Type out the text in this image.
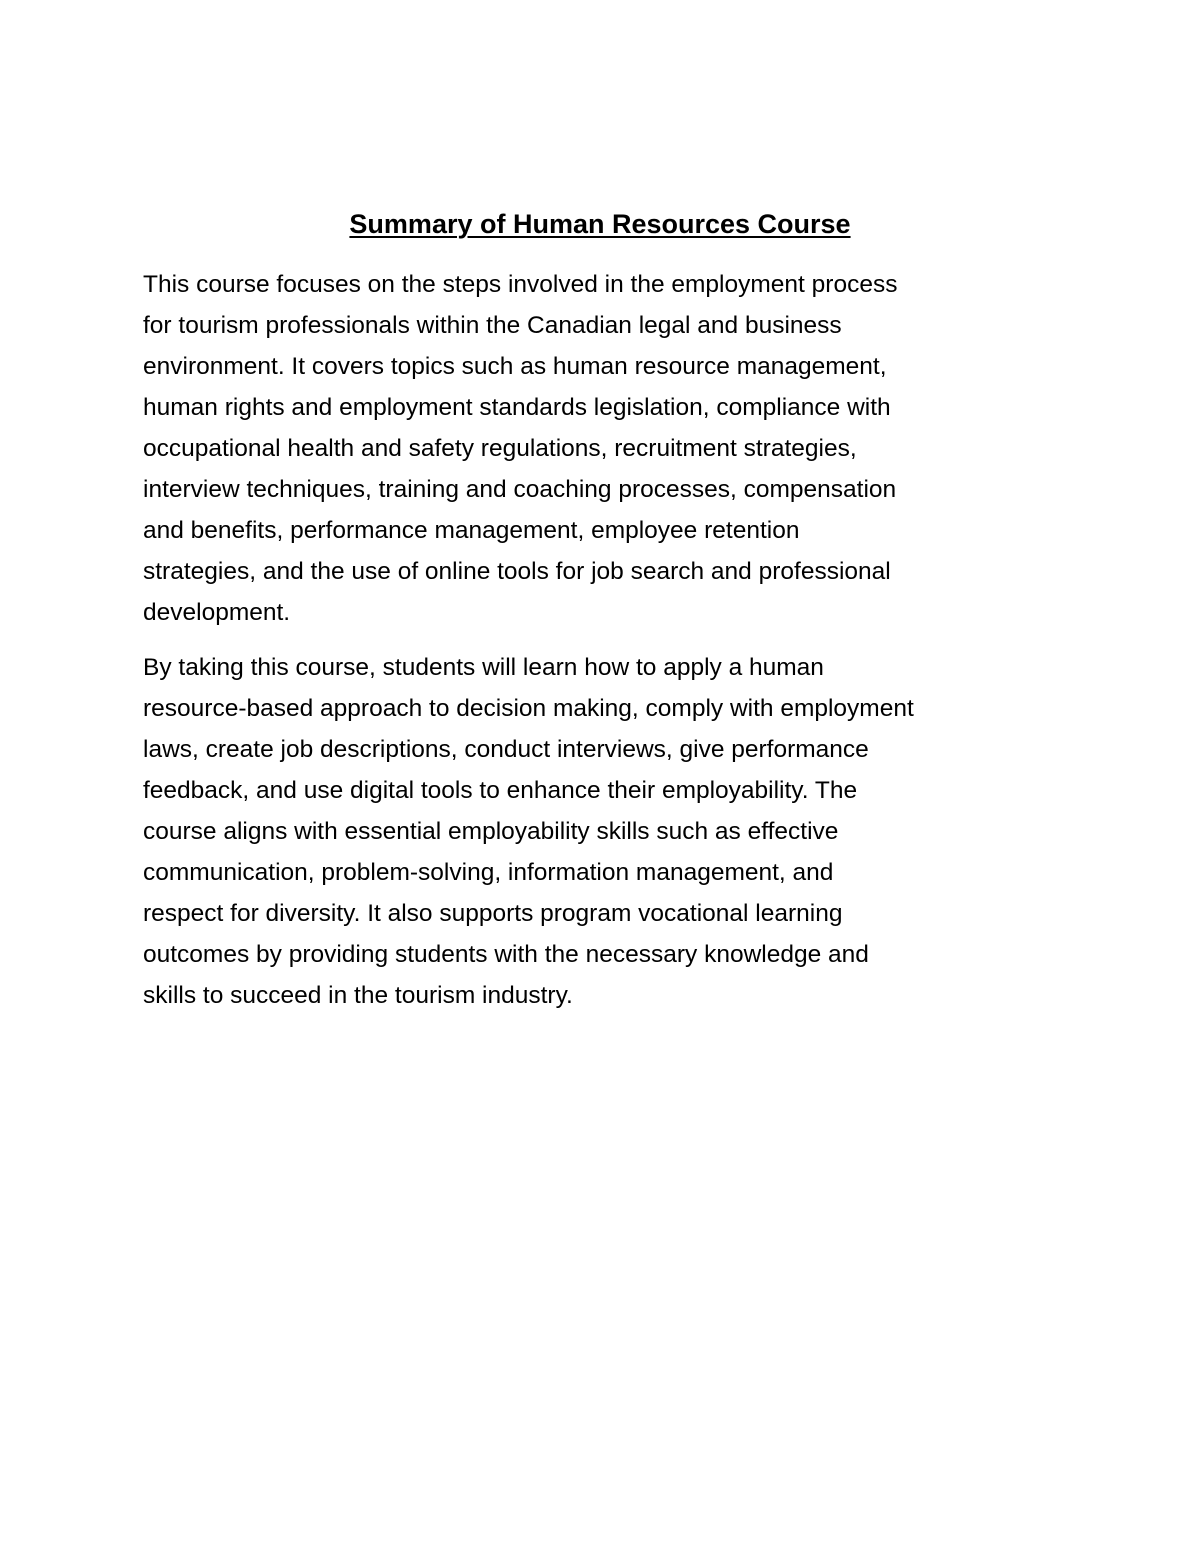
Summary of Human Resources Course

This course focuses on the steps involved in the employment process
for tourism professionals within the Canadian legal and business
environment. It covers topics such as human resource management,
human rights and employment standards legislation, compliance with
occupational health and safety regulations, recruitment strategies,
interview techniques, training and coaching processes, compensation
and benefits, performance management, employee retention
strategies, and the use of online tools for job search and professional
development.

By taking this course, students will learn how to apply a human
resource-based approach to decision making, comply with employment
laws, create job descriptions, conduct interviews, give performance
feedback, and use digital tools to enhance their employability. The
course aligns with essential employability skills such as effective
communication, problem-solving, information management, and
respect for diversity. It also supports program vocational learning
outcomes by providing students with the necessary knowledge and
skills to succeed in the tourism industry.
